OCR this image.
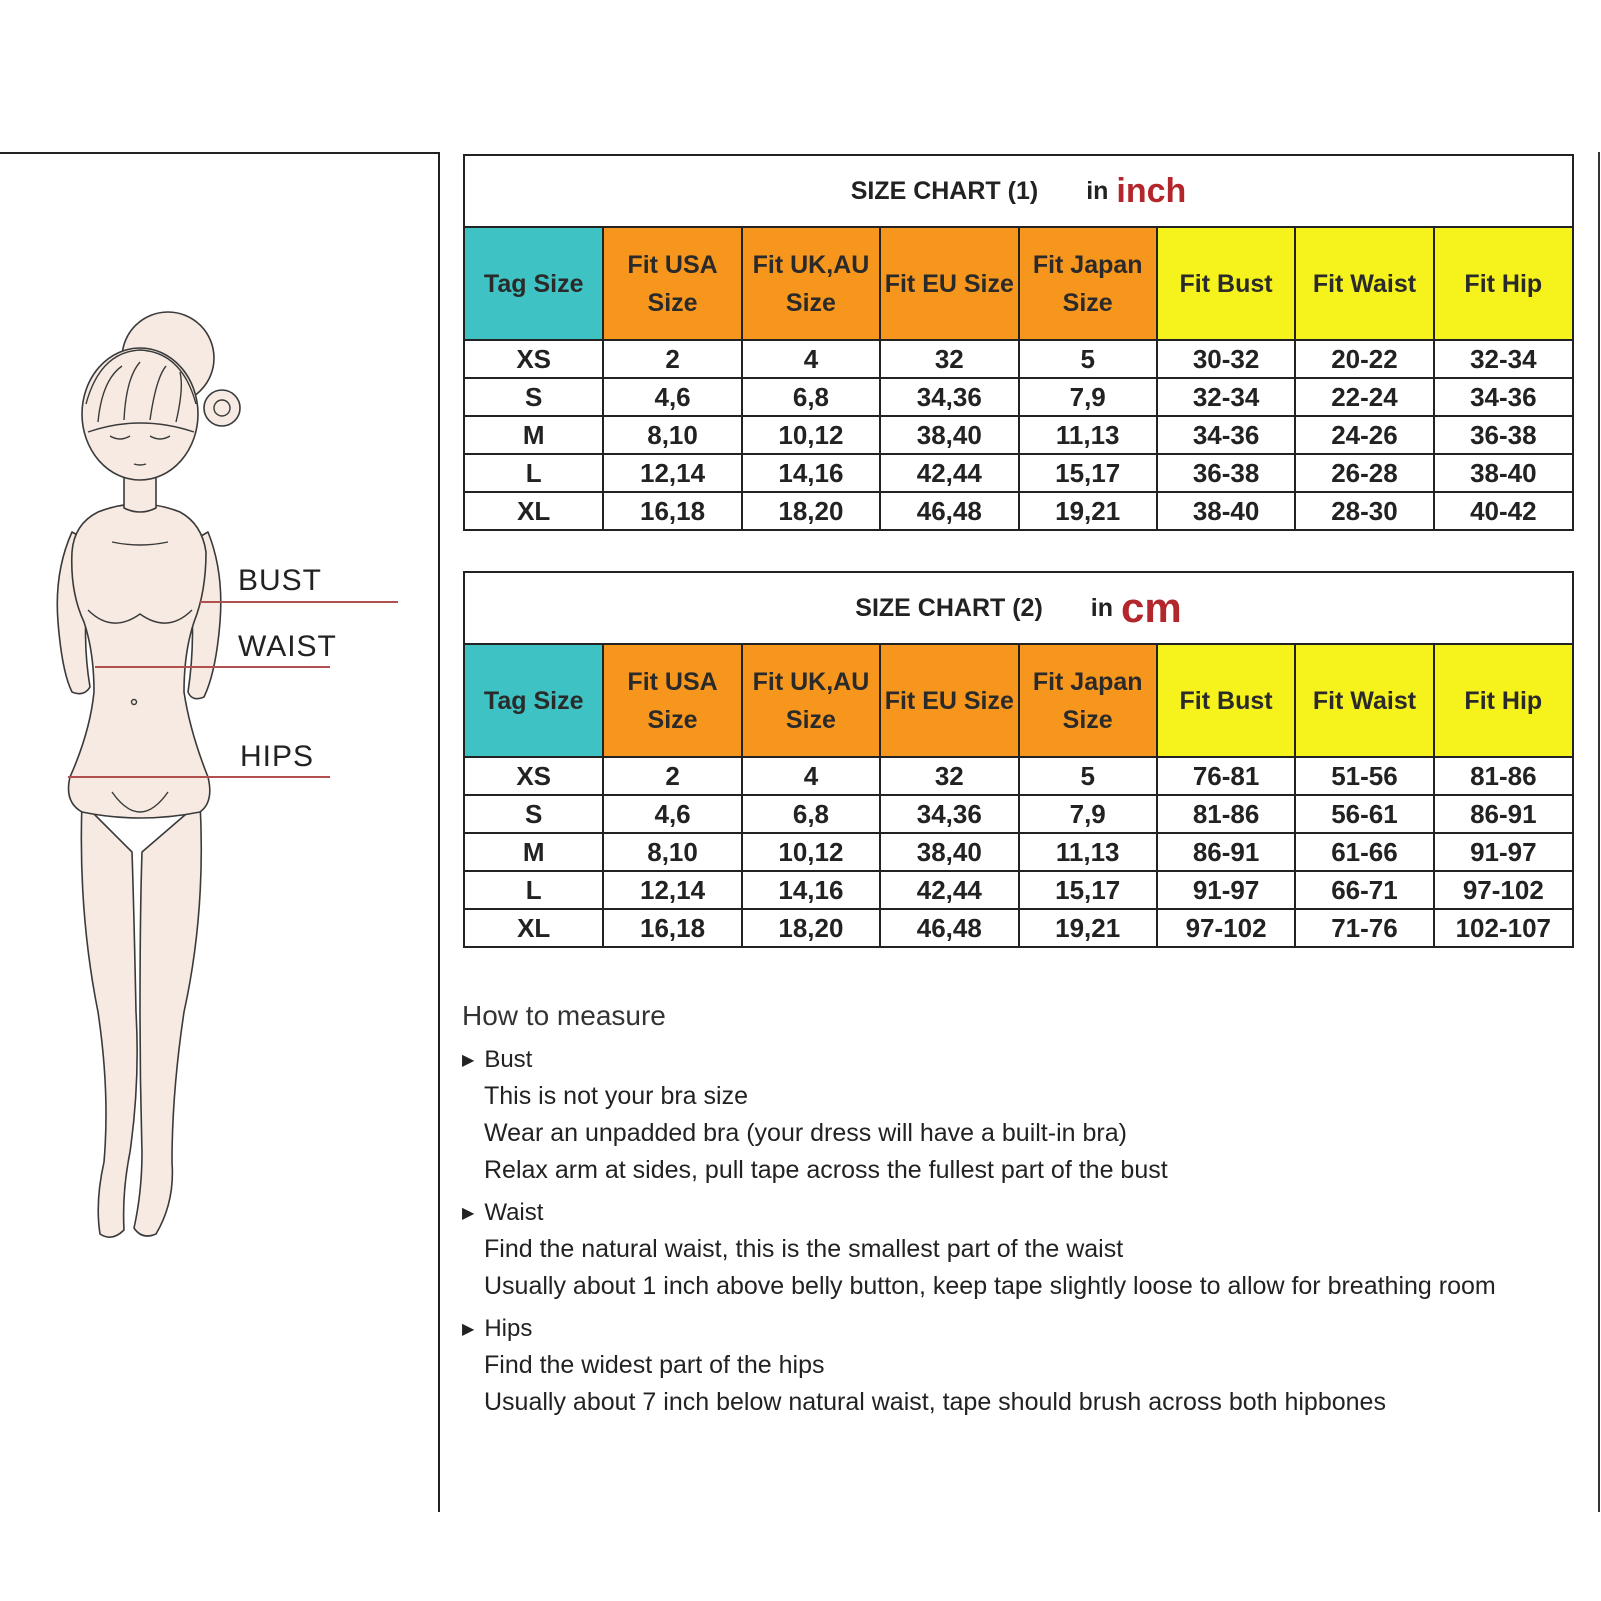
BUST
WAIST
HIPS
SIZE CHART (1) in inch
Tag Size	Fit USA Size	Fit UK,AU Size	Fit EU Size	Fit Japan Size	Fit Bust	Fit Waist	Fit Hip
XS	2	4	32	5	30-32	20-22	32-34
S	4,6	6,8	34,36	7,9	32-34	22-24	34-36
M	8,10	10,12	38,40	11,13	34-36	24-26	36-38
L	12,14	14,16	42,44	15,17	36-38	26-28	38-40
XL	16,18	18,20	46,48	19,21	38-40	28-30	40-42
SIZE CHART (2) in cm
Tag Size	Fit USA Size	Fit UK,AU Size	Fit EU Size	Fit Japan Size	Fit Bust	Fit Waist	Fit Hip
XS	2	4	32	5	76-81	51-56	81-86
S	4,6	6,8	34,36	7,9	81-86	56-61	86-91
M	8,10	10,12	38,40	11,13	86-91	61-66	91-97
L	12,14	14,16	42,44	15,17	91-97	66-71	97-102
XL	16,18	18,20	46,48	19,21	97-102	71-76	102-107
How to measure
▶ Bust
This is not your bra size
Wear an unpadded bra (your dress will have a built-in bra)
Relax arm at sides, pull tape across the fullest part of the bust
▶ Waist
Find the natural waist, this is the smallest part of the waist
Usually about 1 inch above belly button, keep tape slightly loose to allow for breathing room
▶ Hips
Find the widest part of the hips
Usually about 7 inch below natural waist, tape should brush across both hipbones
